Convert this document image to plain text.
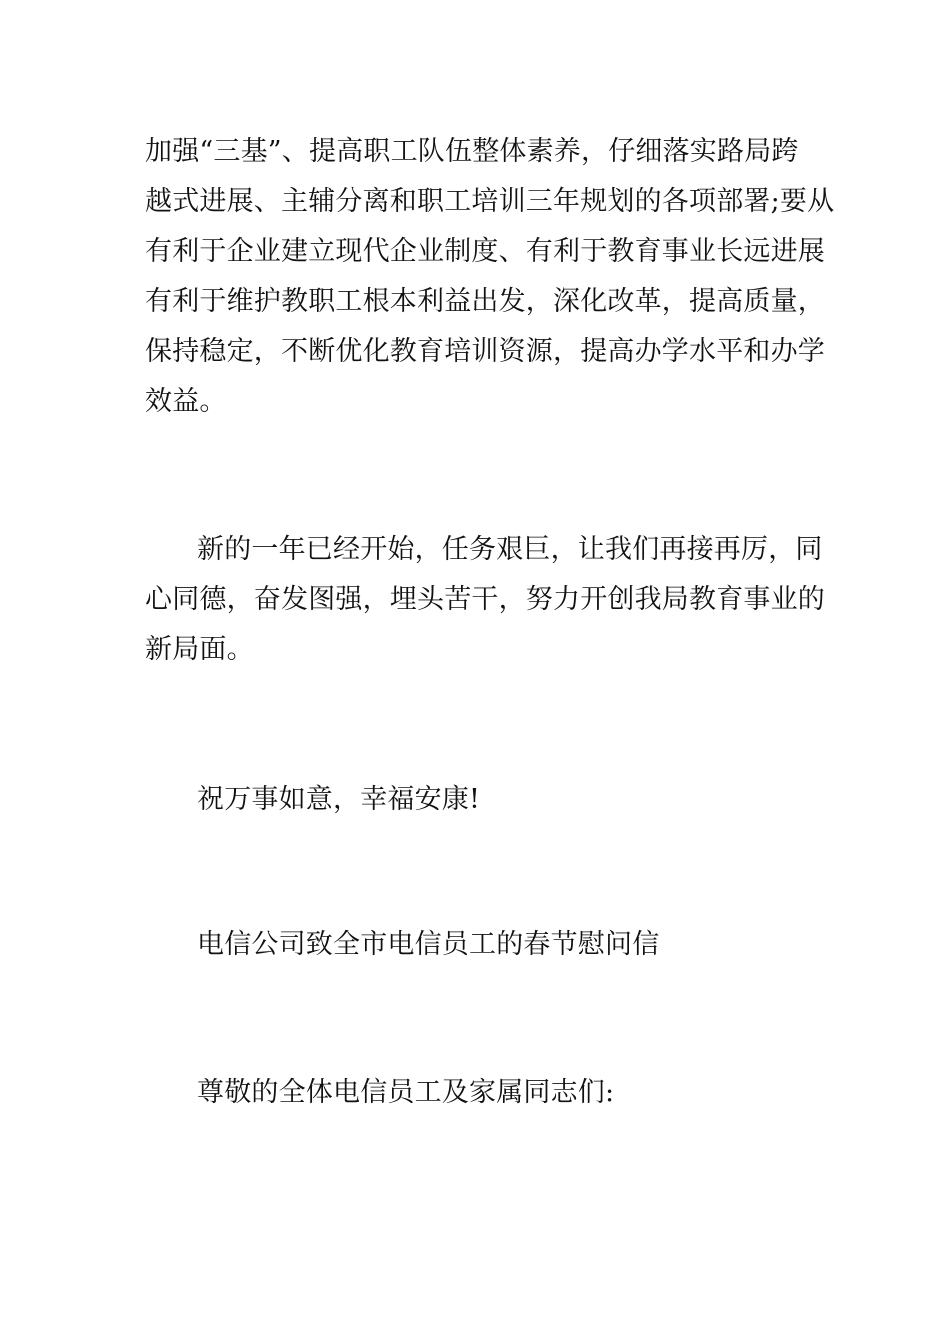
加强“三基”、提高职工队伍整体素养，仔细落实路局跨

越式进展、主辅分离和职工培训三年规划的各项部署;要从

有利于企业建立现代企业制度、有利于教育事业长远进展

有利于维护教职工根本利益出发，深化改革，提高质量，

保持稳定，不断优化教育培训资源，提高办学水平和办学

效益。

新的一年已经开始，任务艰巨，让我们再接再厉，同

心同德，奋发图强，埋头苦干，努力开创我局教育事业的

新局面。

祝万事如意，幸福安康!

电信公司致全市电信员工的春节慰问信

尊敬的全体电信员工及家属同志们:
